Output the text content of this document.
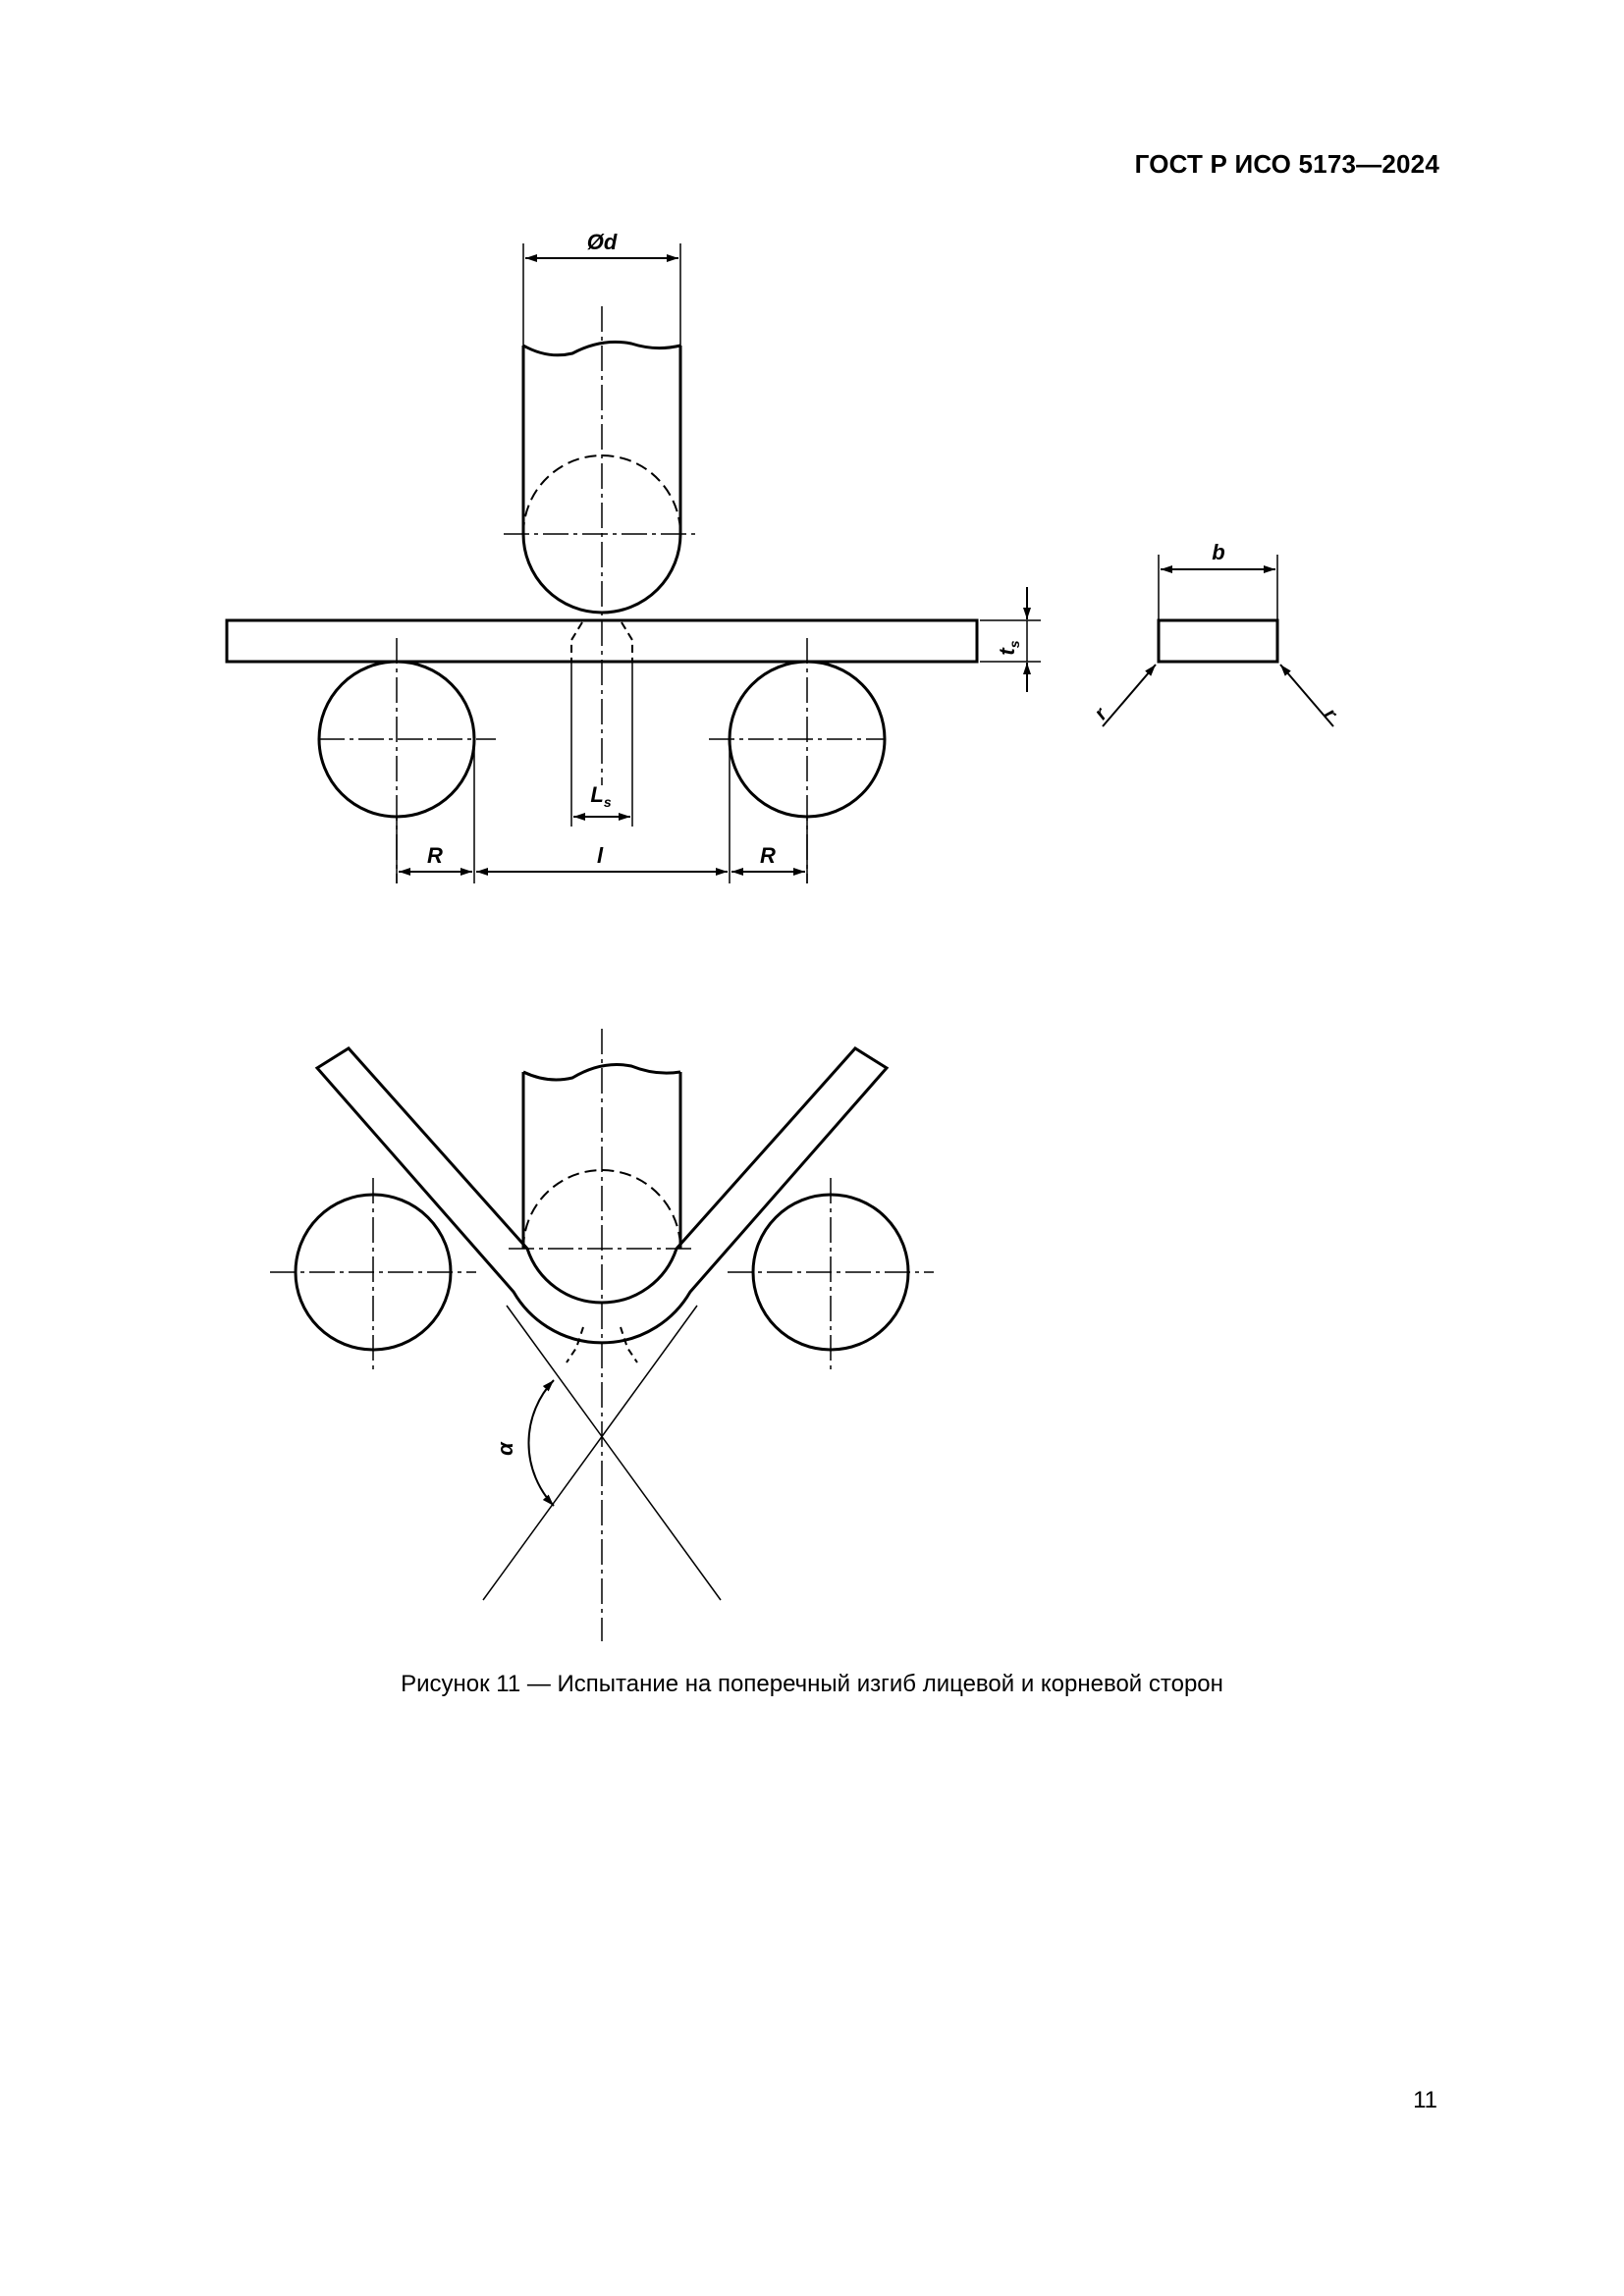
ГОСТ Р ИСО 5173—2024
Ød
$t_s$
b
r	r
$L_s$
R	l	R
α
Рисунок 11 — Испытание на поперечный изгиб лицевой и корневой сторон
11
